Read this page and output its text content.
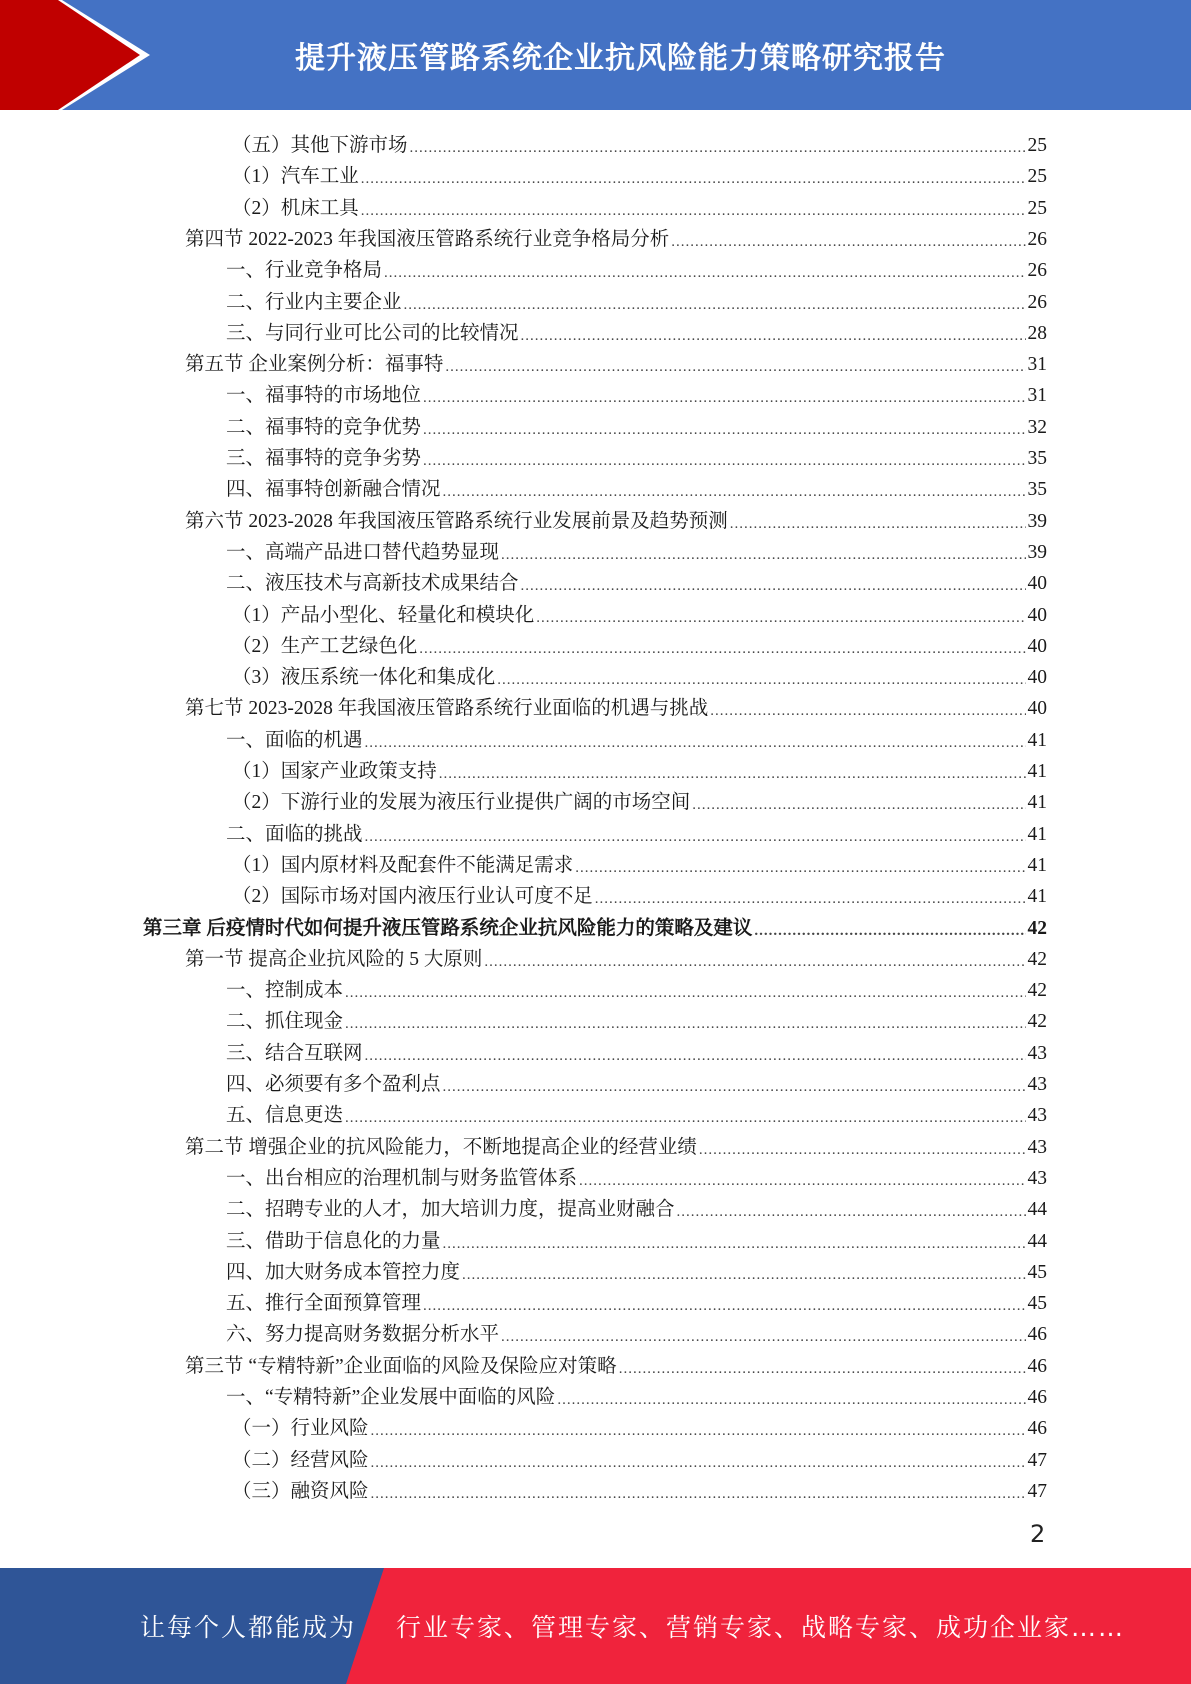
提升液压管路系统企业抗风险能力策略研究报告
（五）其他下游市场 .....	25
（1）汽车工业 .....	25
（2）机床工具 .....	25
第四节 2022-2023 年我国液压管路系统行业竞争格局分析 .....	26
一、行业竞争格局 .....	26
二、行业内主要企业 .....	26
三、与同行业可比公司的比较情况 .....	28
第五节 企业案例分析：福事特 .....	31
一、福事特的市场地位 .....	31
二、福事特的竞争优势 .....	32
三、福事特的竞争劣势 .....	35
四、福事特创新融合情况 .....	35
第六节 2023-2028 年我国液压管路系统行业发展前景及趋势预测 .....	39
一、高端产品进口替代趋势显现 .....	39
二、液压技术与高新技术成果结合 .....	40
（1）产品小型化、轻量化和模块化 .....	40
（2）生产工艺绿色化 .....	40
（3）液压系统一体化和集成化 .....	40
第七节 2023-2028 年我国液压管路系统行业面临的机遇与挑战 .....	40
一、面临的机遇 .....	41
（1）国家产业政策支持 .....	41
（2）下游行业的发展为液压行业提供广阔的市场空间 .....	41
二、面临的挑战 .....	41
（1）国内原材料及配套件不能满足需求 .....	41
（2）国际市场对国内液压行业认可度不足 .....	41
第三章 后疫情时代如何提升液压管路系统企业抗风险能力的策略及建议 .....	42
第一节 提高企业抗风险的 5 大原则 .....	42
一、控制成本 .....	42
二、抓住现金 .....	42
三、结合互联网 .....	43
四、必须要有多个盈利点 .....	43
五、信息更迭 .....	43
第二节 增强企业的抗风险能力，不断地提高企业的经营业绩 .....	43
一、出台相应的治理机制与财务监管体系 .....	43
二、招聘专业的人才，加大培训力度，提高业财融合 .....	44
三、借助于信息化的力量 .....	44
四、加大财务成本管控力度 .....	45
五、推行全面预算管理 .....	45
六、努力提高财务数据分析水平 .....	46
第三节 “专精特新”企业面临的风险及保险应对策略 .....	46
一、“专精特新”企业发展中面临的风险 .....	46
（一）行业风险 .....	46
（二）经营风险 .....	47
（三）融资风险 .....	47
2
让每个人都能成为 行业专家、管理专家、营销专家、战略专家、成功企业家……
